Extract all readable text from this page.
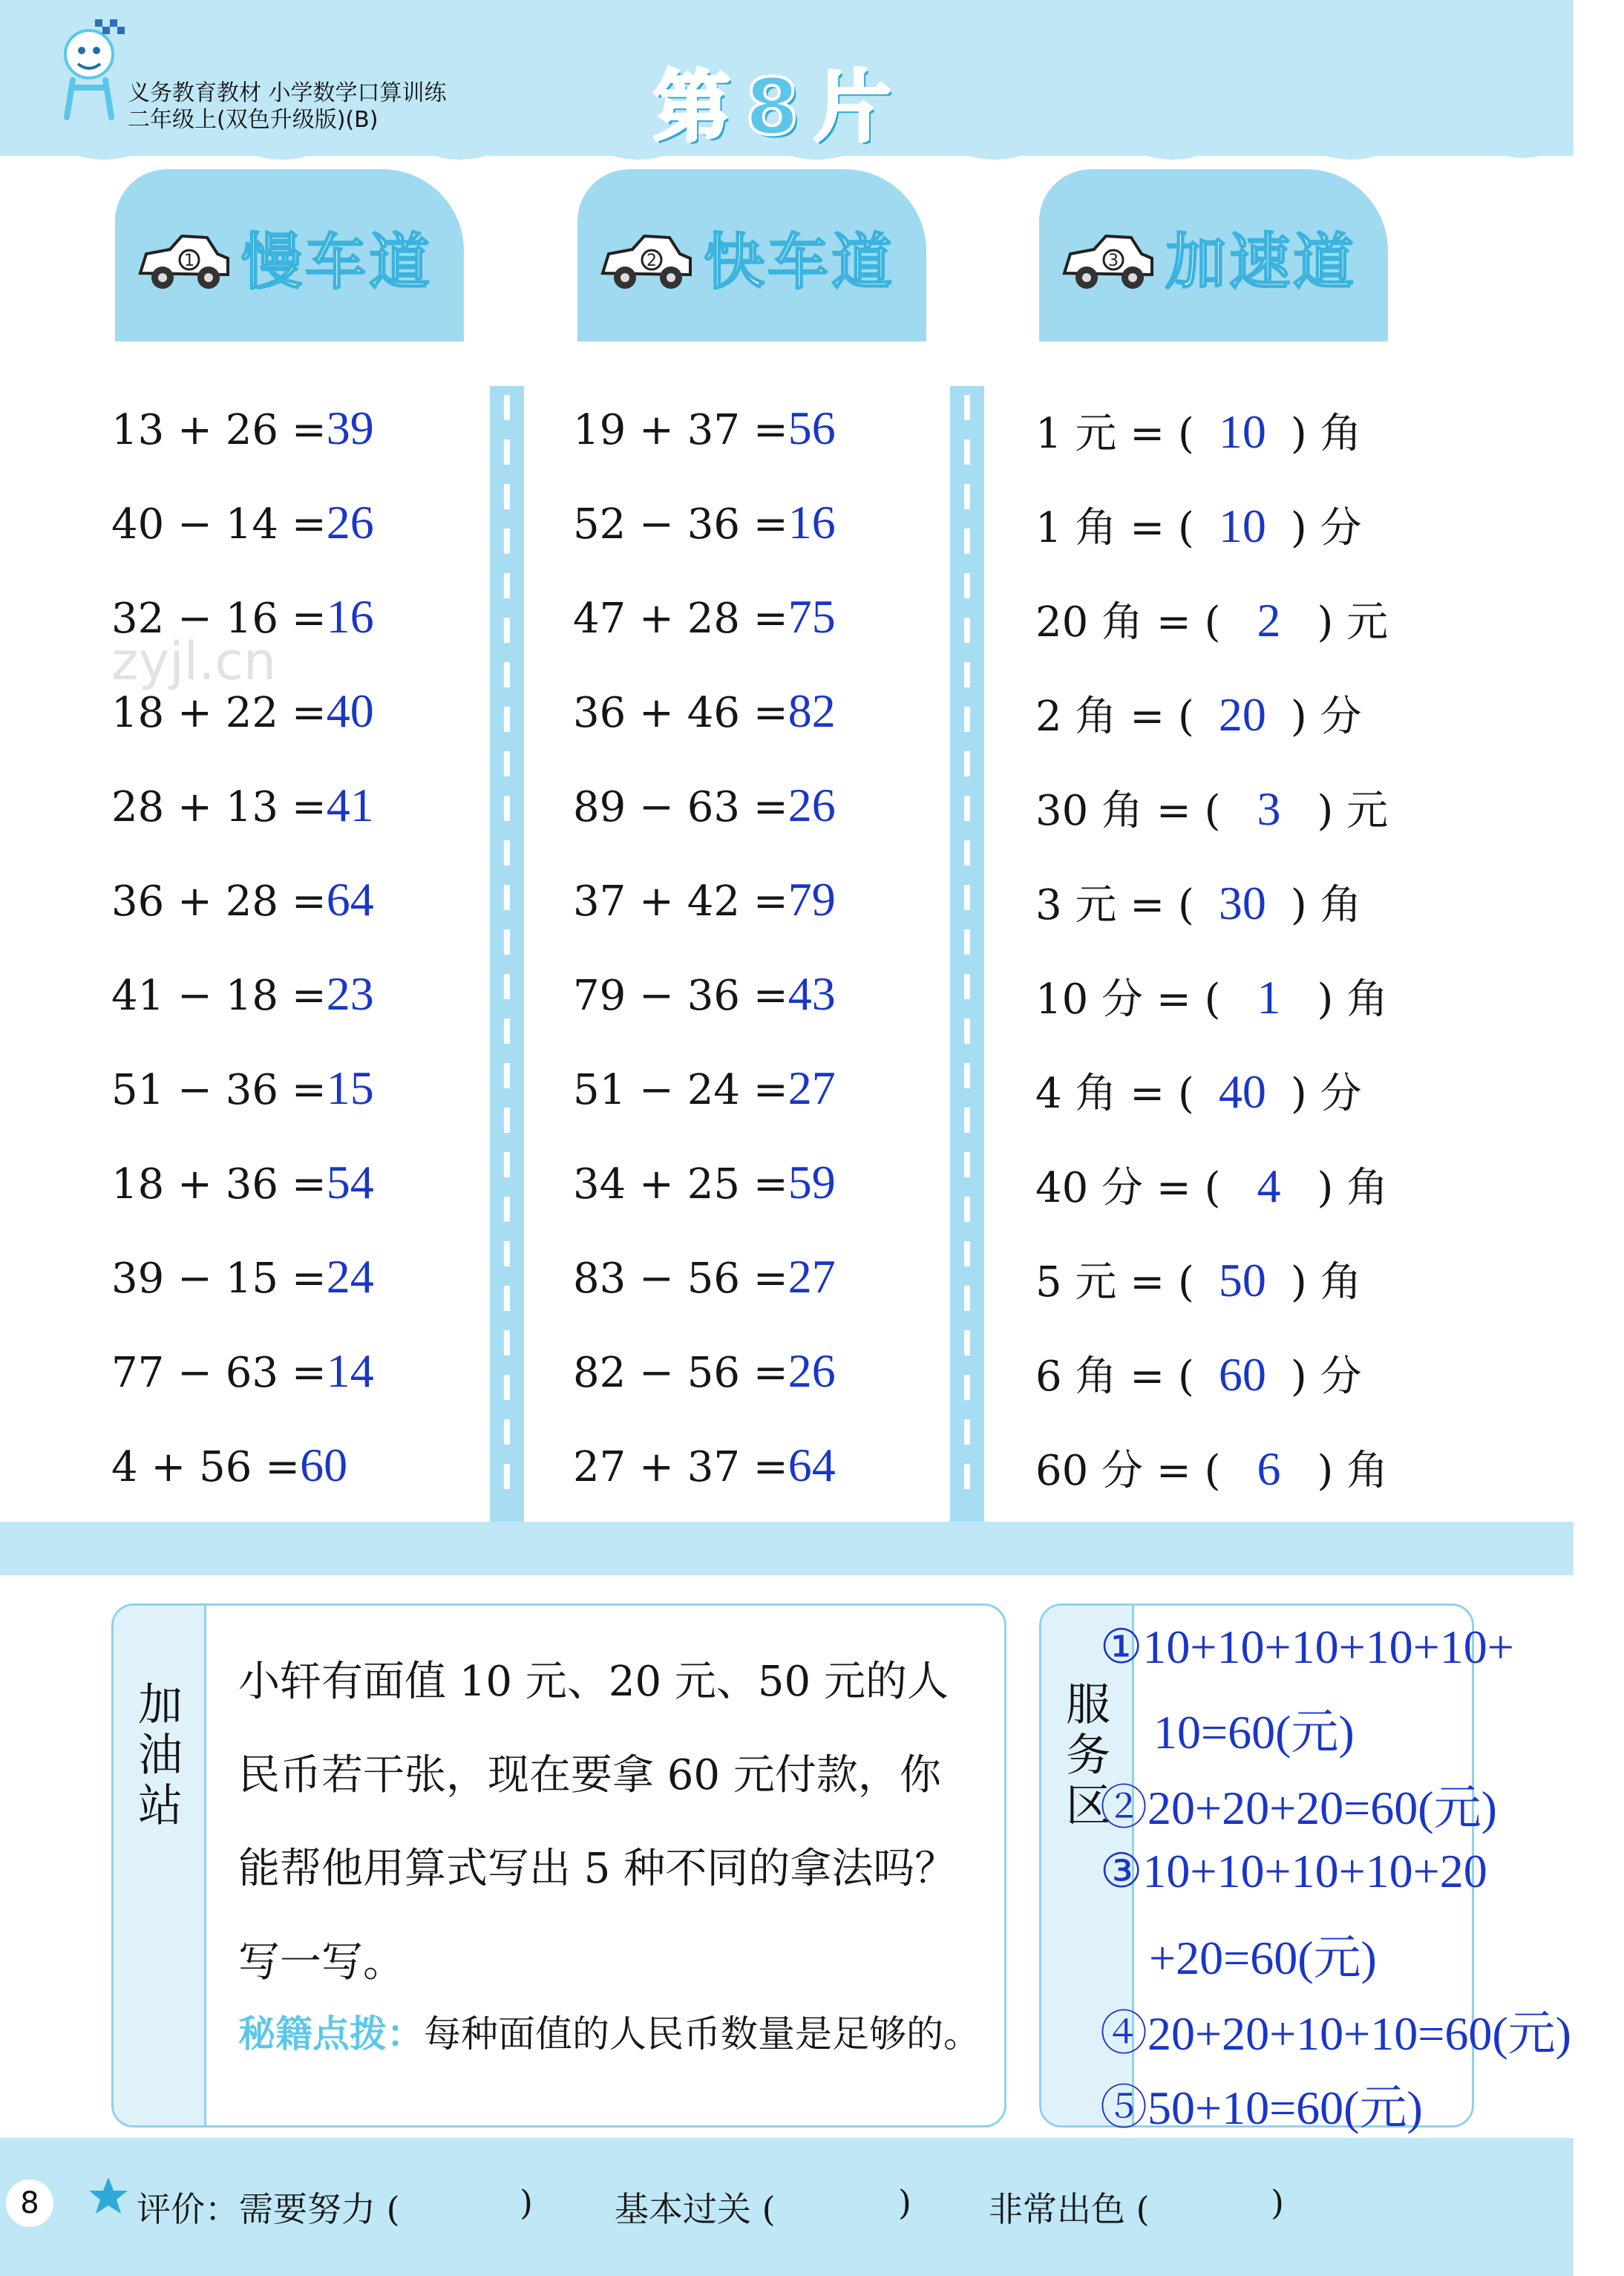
义务教育教材 小学数学口算训练
二年级上(双色升级版)(B)	第8片
1 慢车道	2 快车道	3 加速道
zyjl.cn
13 + 26 =39
40 − 14 =26
32 − 16 =16
18 + 22 =40
28 + 13 =41
36 + 28 =64
41 − 18 =23
51 − 36 =15
18 + 36 =54
39 − 15 =24
77 − 63 =14
4 + 56 =60
19 + 37 =56
52 − 36 =16
47 + 28 =75
36 + 46 =82
89 − 63 =26
37 + 42 =79
79 − 36 =43
51 − 24 =27
34 + 25 =59
83 − 56 =27
82 − 56 =26
27 + 37 =64
1 元 = ( 10 ) 角
1 角 = ( 10 ) 分
20 角 = ( 2 ) 元
2 角 = ( 20 ) 分
30 角 = ( 3 ) 元
3 元 = ( 30 ) 角
10 分 = ( 1 ) 角
4 角 = ( 40 ) 分
40 分 = ( 4 ) 角
5 元 = ( 50 ) 角
6 角 = ( 60 ) 分
60 分 = ( 6 ) 角
加油站
小轩有面值 10 元、20 元、50 元的人民币若干张，现在要拿 60 元付款，你能帮他用算式写出 5 种不同的拿法吗？写一写。
秘籍点拨：每种面值的人民币数量是足够的。
服务区
①10+10+10+10+10+
10=60(元)
②20+20+20=60(元)
③10+10+10+10+20
+20=60(元)
④20+20+10+10=60(元)
⑤50+10=60(元)
8	评价： 需要努力 (	) 基本过关 (	) 非常出色 (	)
